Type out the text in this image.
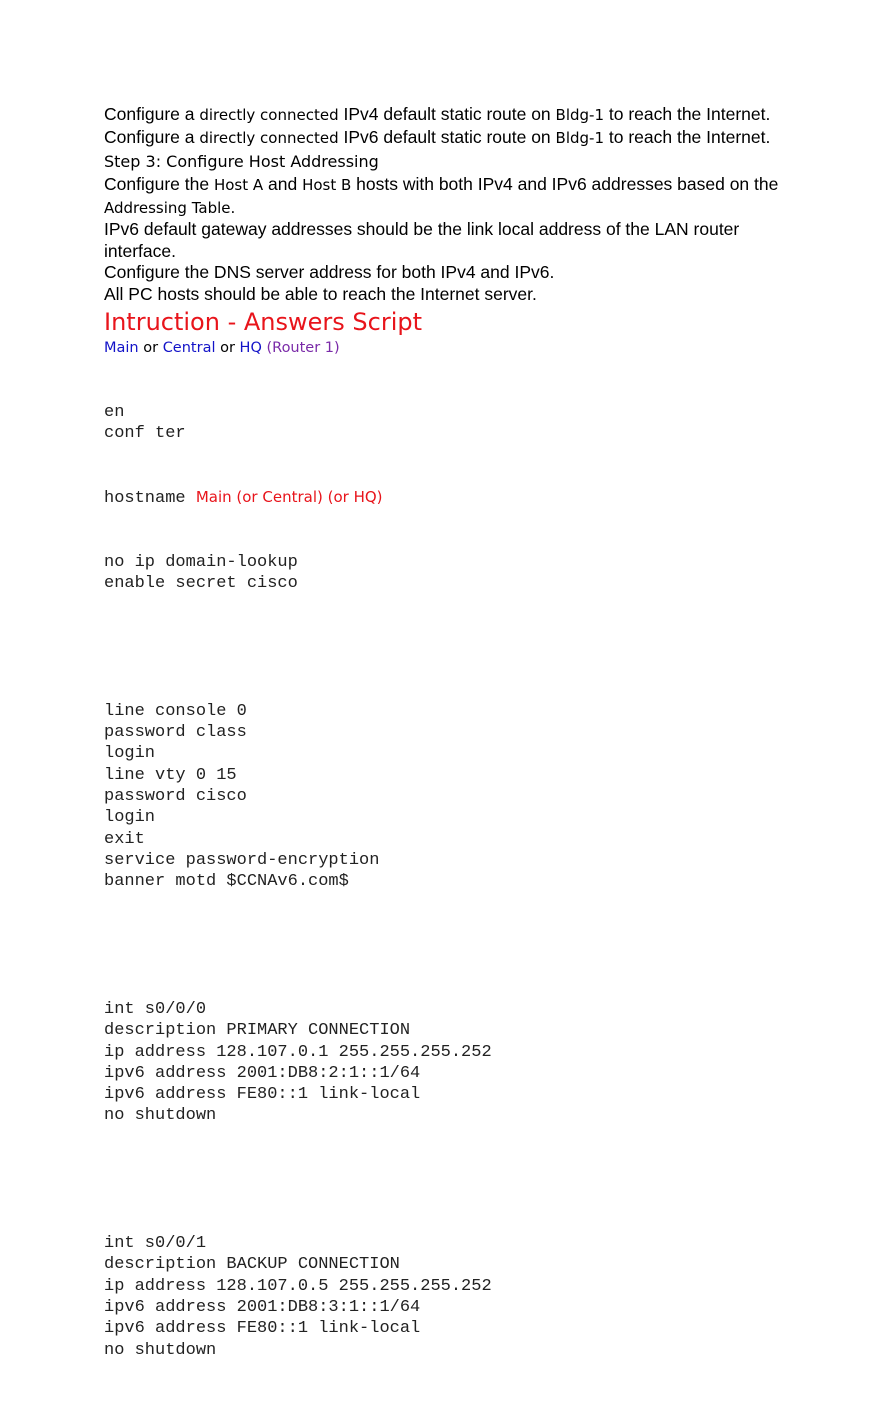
Configure a directly connected IPv4 default static route on Bldg-1 to reach the Internet.
Configure a directly connected IPv6 default static route on Bldg-1 to reach the Internet.
Step 3: Configure Host Addressing
Configure the Host A and Host B hosts with both IPv4 and IPv6 addresses based on the Addressing Table.
IPv6 default gateway addresses should be the link local address of the LAN router interface.
Configure the DNS server address for both IPv4 and IPv6.
All PC hosts should be able to reach the Internet server.
Intruction - Answers Script
Main or Central or HQ (Router 1)

en
conf ter

hostname Main (or Central) (or HQ)

no ip domain-lookup
enable secret cisco

line console 0
password class
login
line vty 0 15
password cisco
login
exit
service password-encryption
banner motd $CCNAv6.com$

int s0/0/0
description PRIMARY CONNECTION
ip address 128.107.0.1 255.255.255.252
ipv6 address 2001:DB8:2:1::1/64
ipv6 address FE80::1 link-local
no shutdown

int s0/0/1
description BACKUP CONNECTION
ip address 128.107.0.5 255.255.255.252
ipv6 address 2001:DB8:3:1::1/64
ipv6 address FE80::1 link-local
no shutdown
